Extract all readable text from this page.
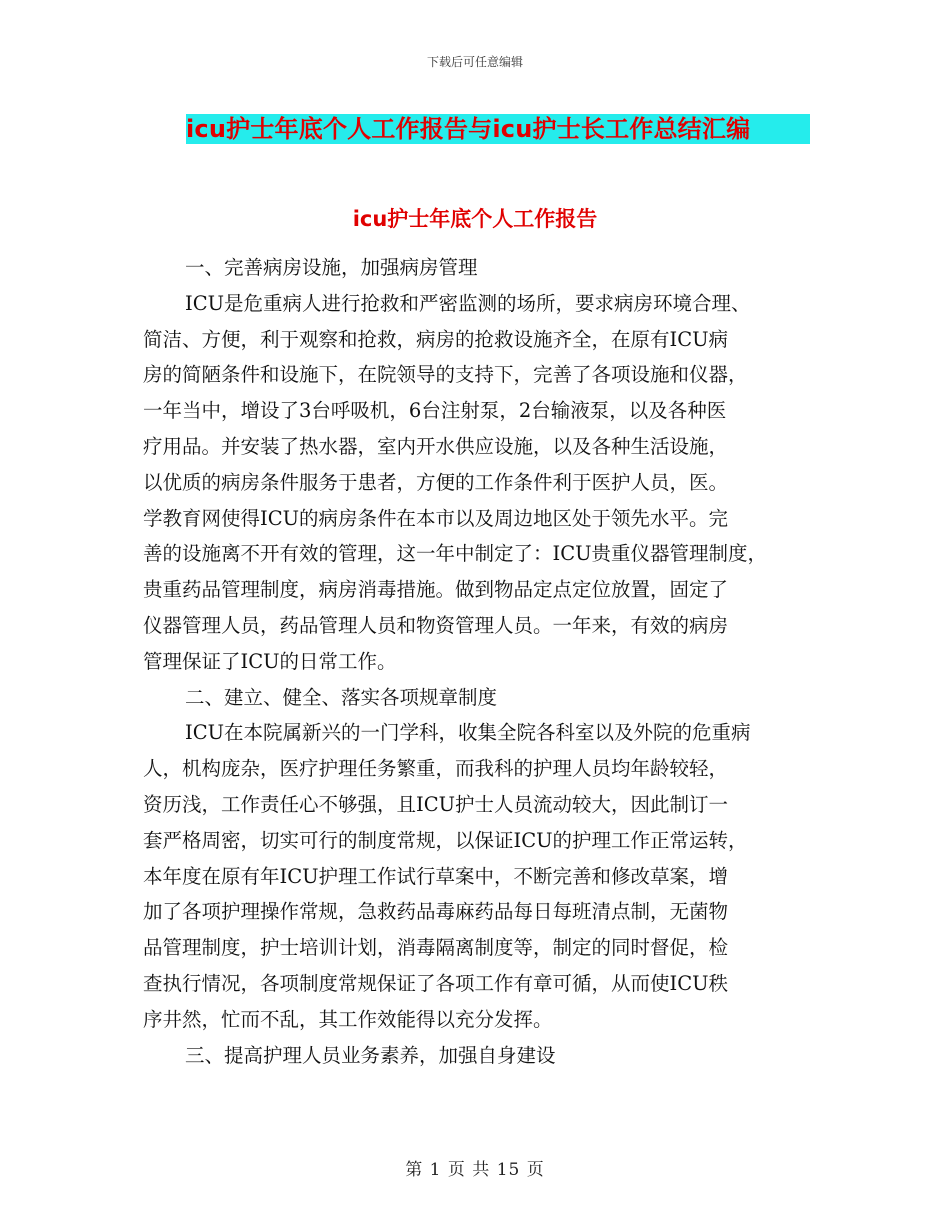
下载后可任意编辑
icu护士年底个人工作报告与icu护士长工作总结汇编
icu护士年底个人工作报告
一、完善病房设施，加强病房管理
ICU是危重病人进行抢救和严密监测的场所，要求病房环境合理、
简洁、方便，利于观察和抢救，病房的抢救设施齐全，在原有ICU病
房的简陋条件和设施下，在院领导的支持下，完善了各项设施和仪器，
一年当中，增设了3台呼吸机，6台注射泵，2台输液泵，以及各种医
疗用品。并安装了热水器，室内开水供应设施，以及各种生活设施，
以优质的病房条件服务于患者，方便的工作条件利于医护人员，医。
学教育网使得ICU的病房条件在本市以及周边地区处于领先水平。完
善的设施离不开有效的管理，这一年中制定了：ICU贵重仪器管理制度，
贵重药品管理制度，病房消毒措施。做到物品定点定位放置，固定了
仪器管理人员，药品管理人员和物资管理人员。一年来，有效的病房
管理保证了ICU的日常工作。
二、建立、健全、落实各项规章制度
ICU在本院属新兴的一门学科，收集全院各科室以及外院的危重病
人，机构庞杂，医疗护理任务繁重，而我科的护理人员均年龄较轻，
资历浅，工作责任心不够强，且ICU护士人员流动较大，因此制订一
套严格周密，切实可行的制度常规，以保证ICU的护理工作正常运转，
本年度在原有年ICU护理工作试行草案中，不断完善和修改草案，增
加了各项护理操作常规，急救药品毒麻药品每日每班清点制，无菌物
品管理制度，护士培训计划，消毒隔离制度等，制定的同时督促，检
查执行情况，各项制度常规保证了各项工作有章可循，从而使ICU秩
序井然，忙而不乱，其工作效能得以充分发挥。
三、提高护理人员业务素养，加强自身建设
第 1 页 共 15 页
